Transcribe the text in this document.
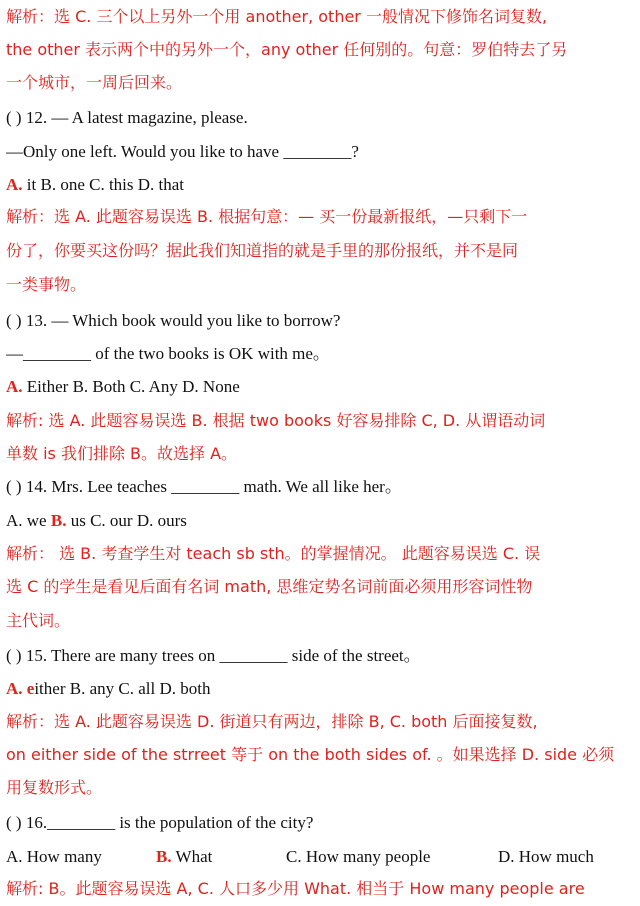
解析：选 C. 三个以上另外一个用 another, other 一般情况下修饰名词复数,
the other 表示两个中的另外一个，any other 任何别的。句意：罗伯特去了另
一个城市，一周后回来。
( ) 12. — A latest magazine, please.
—Only one left. Would you like to have ________?
A. it B. one C. this D. that
解析：选 A. 此题容易误选 B. 根据句意：— 买一份最新报纸，—只剩下一
份了，你要买这份吗？据此我们知道指的就是手里的那份报纸，并不是同
一类事物。
( ) 13. — Which book would you like to borrow?
—________ of the two books is OK with me。
A. Either B. Both C. Any D. None
解析: 选 A. 此题容易误选 B. 根据 two books 好容易排除 C, D. 从谓语动词
单数 is 我们排除 B。故选择 A。
( ) 14. Mrs. Lee teaches ________ math. We all like her。
A. we B. us C. our D. ours
解析： 选 B. 考查学生对 teach sb sth。的掌握情况。 此题容易误选 C. 误
选 C 的学生是看见后面有名词 math, 思维定势名词前面必须用形容词性物
主代词。
( ) 15. There are many trees on ________ side of the street。
A. either B. any C. all D. both
解析：选 A. 此题容易误选 D. 街道只有两边，排除 B, C. both 后面接复数,
on either side of the strreet 等于 on the both sides of. 。如果选择 D. side 必须
用复数形式。
( ) 16.________ is the population of the city?
A. How many	B. What	C. How many people	D. How much
解析: B。此题容易误选 A, C. 人口多少用 What. 相当于 How many people are
